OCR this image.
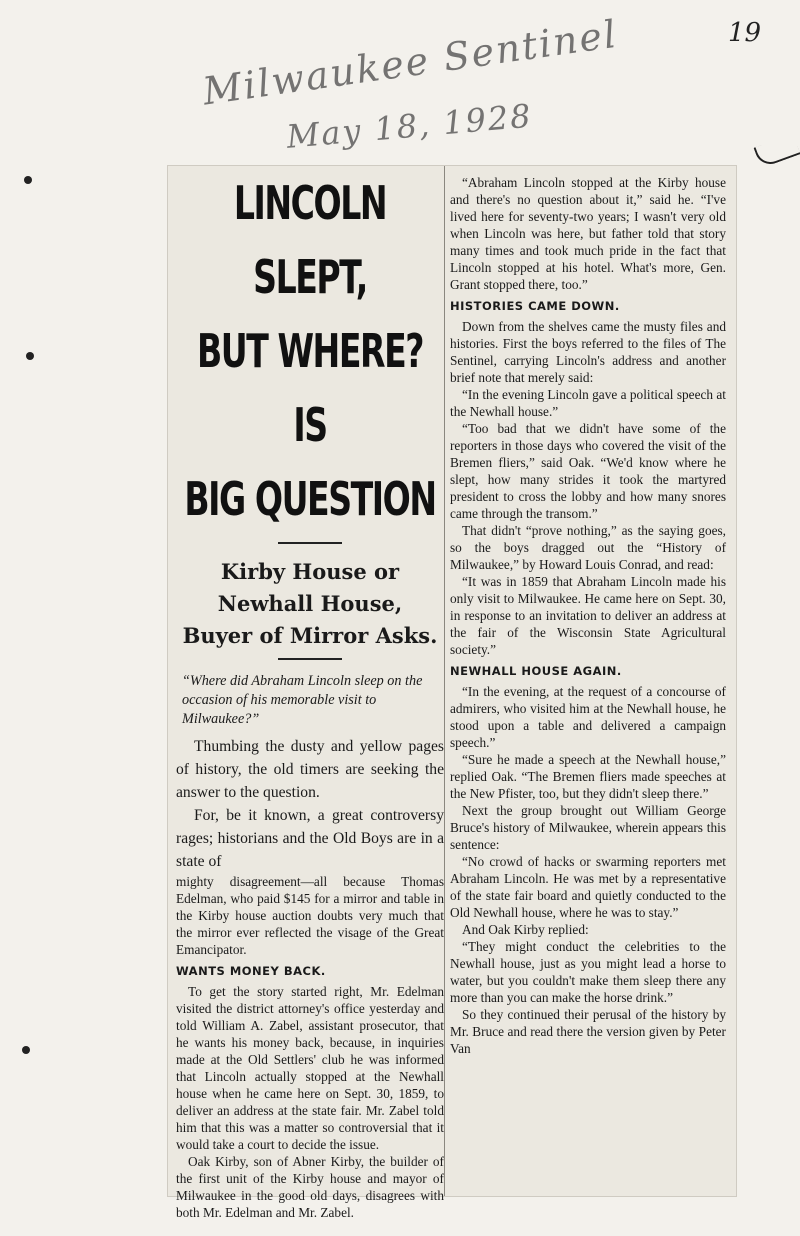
19
Milwaukee Sentinel
May 18, 1928
LINCOLN SLEPT,
BUT WHERE? IS
BIG QUESTION
Kirby House or Newhall House, Buyer of Mirror Asks.
“Where did Abraham Lincoln sleep on the occasion of his memorable visit to Milwaukee?”

Thumbing the dusty and yellow pages of history, the old timers are seeking the answer to the question.

For, be it known, a great controversy rages; historians and the Old Boys are in a state of

mighty disagreement—all because Thomas Edelman, who paid $145 for a mirror and table in the Kirby house auction doubts very much that the mirror ever reflected the visage of the Great Emancipator.

WANTS MONEY BACK.

To get the story started right, Mr. Edelman visited the district attorney's office yesterday and told William A. Zabel, assistant prosecutor, that he wants his money back, because, in inquiries made at the Old Settlers' club he was informed that Lincoln actually stopped at the Newhall house when he came here on Sept. 30, 1859, to deliver an address at the state fair. Mr. Zabel told him that this was a matter so controversial that it would take a court to decide the issue.

Oak Kirby, son of Abner Kirby, the builder of the first unit of the Kirby house and mayor of Milwaukee in the good old days, disagrees with both Mr. Edelman and Mr. Zabel.

“Abraham Lincoln stopped at the Kirby house and there's no question about it,” said he. “I've lived here for seventy-two years; I wasn't very old when Lincoln was here, but father told that story many times and took much pride in the fact that Lincoln stopped at his hotel. What's more, Gen. Grant stopped there, too.”

HISTORIES CAME DOWN.

Down from the shelves came the musty files and histories. First the boys referred to the files of The Sentinel, carrying Lincoln's address and another brief note that merely said:

“In the evening Lincoln gave a political speech at the Newhall house.”

“Too bad that we didn't have some of the reporters in those days who covered the visit of the Bremen fliers,” said Oak. “We'd know where he slept, how many strides it took the martyred president to cross the lobby and how many snores came through the transom.”

That didn't “prove nothing,” as the saying goes, so the boys dragged out the “History of Milwaukee,” by Howard Louis Conrad, and read:

“It was in 1859 that Abraham Lincoln made his only visit to Milwaukee. He came here on Sept. 30, in response to an invitation to deliver an address at the fair of the Wisconsin State Agricultural society.”

NEWHALL HOUSE AGAIN.

“In the evening, at the request of a concourse of admirers, who visited him at the Newhall house, he stood upon a table and delivered a campaign speech.”

“Sure he made a speech at the Newhall house,” replied Oak. “The Bremen fliers made speeches at the New Pfister, too, but they didn't sleep there.”

Next the group brought out William George Bruce's history of Milwaukee, wherein appears this sentence:

“No crowd of hacks or swarming reporters met Abraham Lincoln. He was met by a representative of the state fair board and quietly conducted to the Old Newhall house, where he was to stay.”

And Oak Kirby replied:

“They might conduct the celebrities to the Newhall house, just as you might lead a horse to water, but you couldn't make them sleep there any more than you can make the horse drink.”

So they continued their perusal of the history by Mr. Bruce and read there the version given by Peter Van
